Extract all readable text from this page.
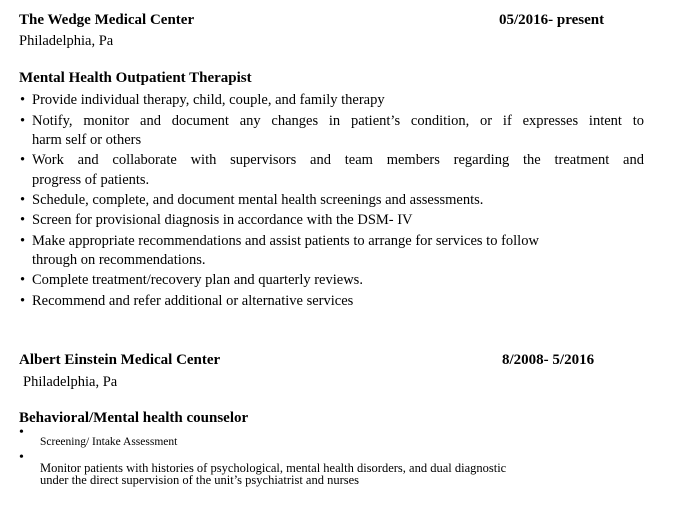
The Wedge Medical Center	05/2016- present
Philadelphia, Pa
Mental Health Outpatient Therapist
• Provide individual therapy, child, couple, and family therapy
• Notify, monitor and document any changes in patient’s condition, or if expresses intent to
harm self or others
• Work and collaborate with supervisors and team members regarding the treatment and
progress of patients.
• Schedule, complete, and document mental health screenings and assessments.
• Screen for provisional diagnosis in accordance with the DSM- IV
• Make appropriate recommendations and assist patients to arrange for services to follow
through on recommendations.
• Complete treatment/recovery plan and quarterly reviews.
• Recommend and refer additional or alternative services
Albert Einstein Medical Center	8/2008- 5/2016
Philadelphia, Pa
Behavioral/Mental health counselor
•
Screening/ Intake Assessment
•
Monitor patients with histories of psychological, mental health disorders, and dual diagnostic
under the direct supervision of the unit’s psychiatrist and nurses
